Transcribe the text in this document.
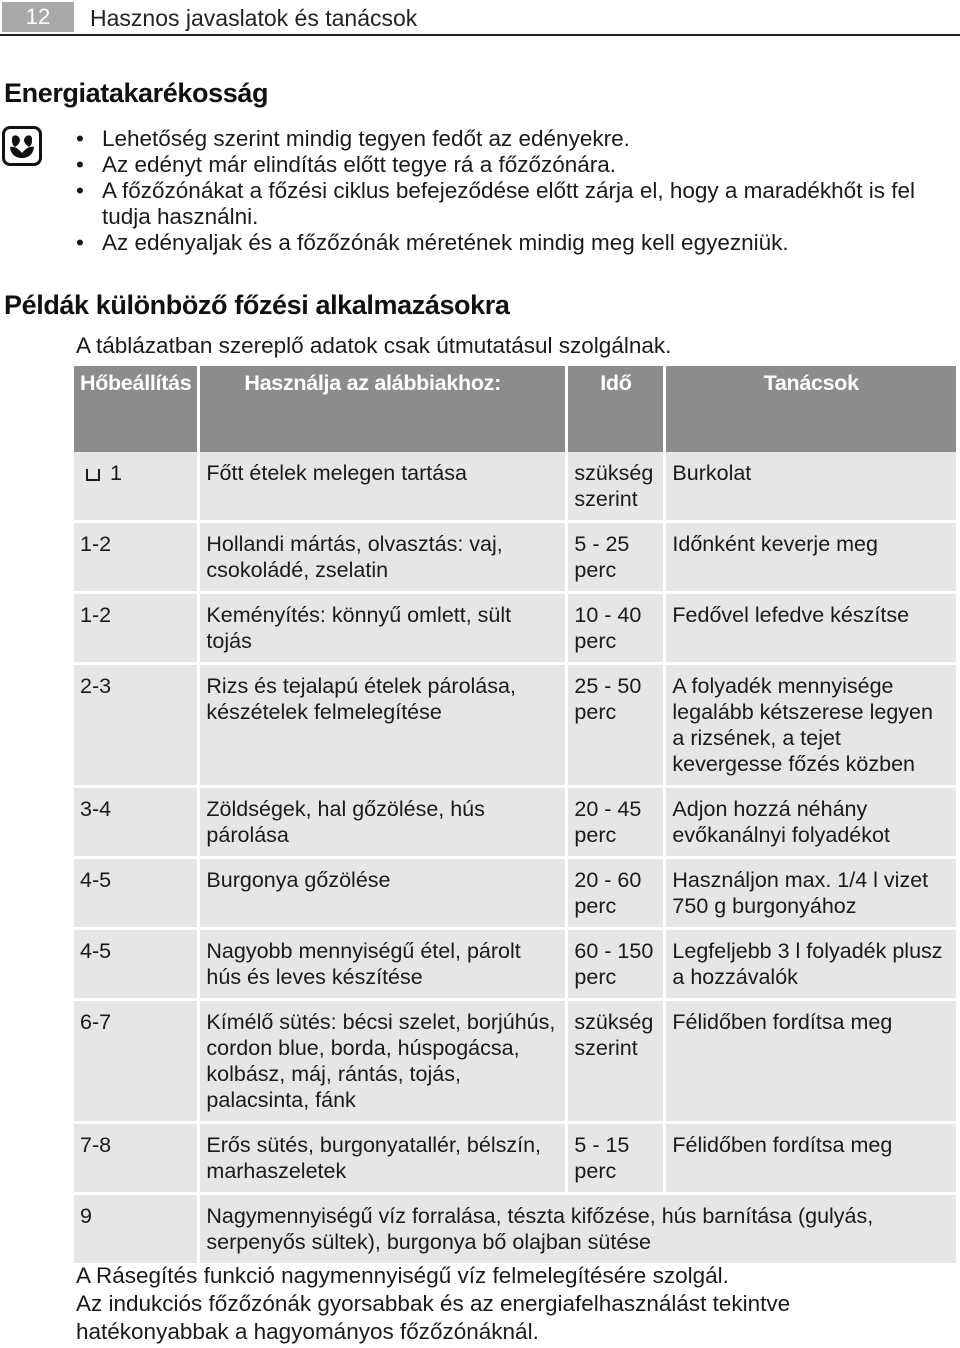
12	Hasznos javaslatok és tanácsok
Energiatakarékosság
• Lehetőség szerint mindig tegyen fedőt az edényekre.
• Az edényt már elindítás előtt tegye rá a főzőzónára.
• A főzőzónákat a főzési ciklus befejeződése előtt zárja el, hogy a maradékhőt is fel tudja használni.
• Az edényaljak és a főzőzónák méretének mindig meg kell egyezniük.
Példák különböző főzési alkalmazásokra
A táblázatban szereplő adatok csak útmutatásul szolgálnak.
Hőbeállítás	Használja az alábbiakhoz:	Idő	Tanácsok
1	Főtt ételek melegen tartása	szükség szerint	Burkolat
1-2	Hollandi mártás, olvasztás: vaj, csokoládé, zselatin	5 - 25 perc	Időnként keverje meg
1-2	Keményítés: könnyű omlett, sült tojás	10 - 40 perc	Fedővel lefedve készítse
2-3	Rizs és tejalapú ételek párolása, készételek felmelegítése	25 - 50 perc	A folyadék mennyisége legalább kétszerese legyen a rizsének, a tejet kevergesse főzés közben
3-4	Zöldségek, hal gőzölése, hús párolása	20 - 45 perc	Adjon hozzá néhány evőkanálnyi folyadékot
4-5	Burgonya gőzölése	20 - 60 perc	Használjon max. 1/4 l vizet 750 g burgonyához
4-5	Nagyobb mennyiségű étel, párolt hús és leves készítése	60 - 150 perc	Legfeljebb 3 l folyadék plusz a hozzávalók
6-7	Kímélő sütés: bécsi szelet, borjúhús, cordon blue, borda, húspogácsa, kolbász, máj, rántás, tojás, palacsinta, fánk	szükség szerint	Félidőben fordítsa meg
7-8	Erős sütés, burgonyatallér, bélszín, marhaszeletek	5 - 15 perc	Félidőben fordítsa meg
9	Nagymennyiségű víz forralása, tészta kifőzése, hús barnítása (gulyás, serpenyős sültek), burgonya bő olajban sütése		

A Rásegítés funkció nagymennyiségű víz felmelegítésére szolgál.

Az indukciós főzőzónák gyorsabbak és az energiafelhasználást tekintve hatékonyabbak a hagyományos főzőzónáknál.
